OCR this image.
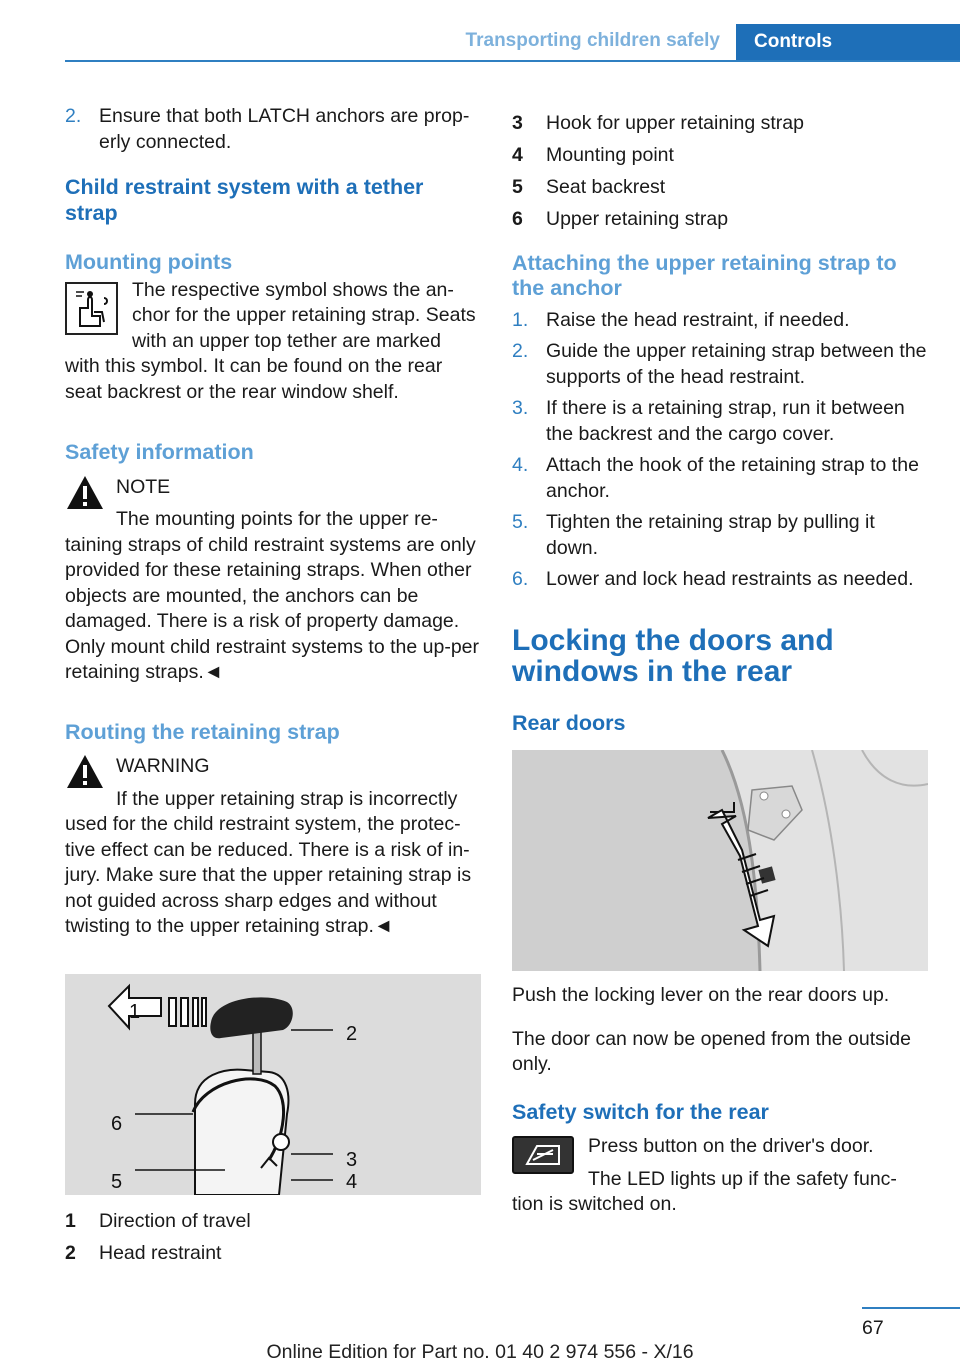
Transporting children safely	Controls
2. Ensure that both LATCH anchors are prop‐erly connected.
Child restraint system with a tether strap
Mounting points
The respective symbol shows the an‐chor for the upper retaining strap. Seats with an upper top tether are marked with this symbol. It can be found on the rear seat backrest or the rear window shelf.
Safety information
NOTE
The mounting points for the upper re‐taining straps of child restraint systems are only provided for these retaining straps. When other objects are mounted, the anchors can be damaged. There is a risk of property damage. Only mount child restraint systems to the up‐per retaining straps.◄
Routing the retaining strap
WARNING
If the upper retaining strap is incorrectly used for the child restraint system, the protec‐tive effect can be reduced. There is a risk of in‐jury. Make sure that the upper retaining strap is not guided across sharp edges and without twisting to the upper retaining strap.◄
1
2
3
4
5
6
1	Direction of travel
2	Head restraint
3	Hook for upper retaining strap
4	Mounting point
5	Seat backrest
6	Upper retaining strap
Attaching the upper retaining strap to the anchor
1. Raise the head restraint, if needed.
2. Guide the upper retaining strap between the supports of the head restraint.
3. If there is a retaining strap, run it between the backrest and the cargo cover.
4. Attach the hook of the retaining strap to the anchor.
5. Tighten the retaining strap by pulling it down.
6. Lower and lock head restraints as needed.
Locking the doors and windows in the rear
Rear doors
Push the locking lever on the rear doors up.
The door can now be opened from the outside only.
Safety switch for the rear
Press button on the driver's door.
The LED lights up if the safety func‐tion is switched on.
67
Online Edition for Part no. 01 40 2 974 556 - X/16
